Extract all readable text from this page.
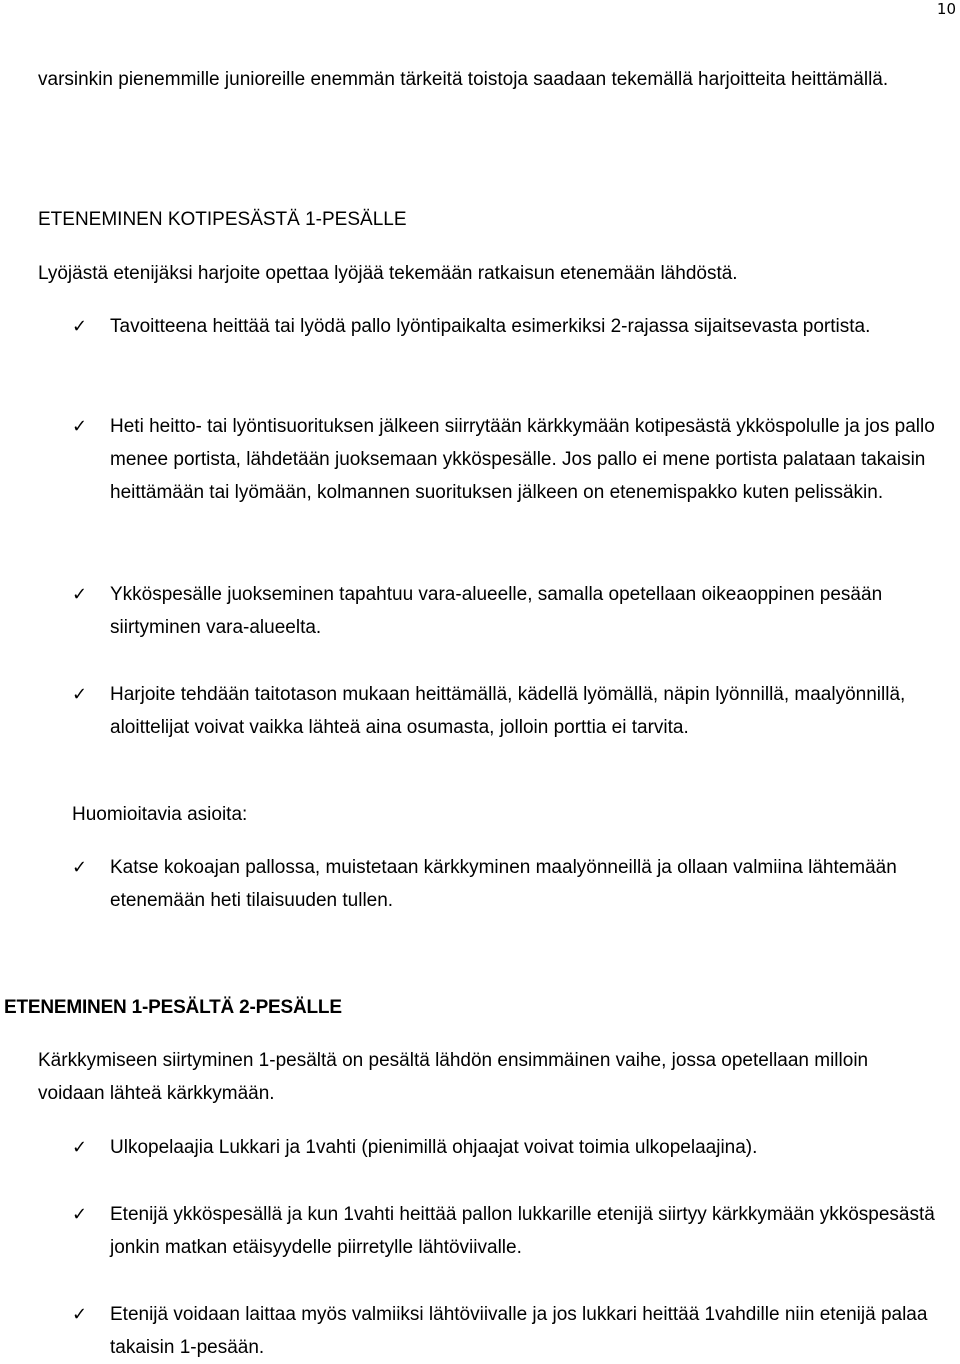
10

varsinkin pienemmille junioreille enemmän tärkeitä toistoja saadaan tekemällä harjoitteita heittämällä.

ETENEMINEN KOTIPESÄSTÄ 1-PESÄLLE

Lyöjästä etenijäksi harjoite opettaa lyöjää tekemään ratkaisun etenemään lähdöstä.

✓ Tavoitteena heittää tai lyödä pallo lyöntipaikalta esimerkiksi 2-rajassa sijaitsevasta portista.

✓ Heti heitto- tai lyöntisuorituksen jälkeen siirrytään kärkkymään kotipesästä ykköspolulle ja jos pallo menee portista, lähdetään juoksemaan ykköspesälle. Jos pallo ei mene portista palataan takaisin heittämään tai lyömään, kolmannen suorituksen jälkeen on etenemispakko kuten pelissäkin.

✓ Ykköspesälle juokseminen tapahtuu vara-alueelle, samalla opetellaan oikeaoppinen pesään siirtyminen vara-alueelta.

✓ Harjoite tehdään taitotason mukaan heittämällä, kädellä lyömällä, näpin lyönnillä, maalyönnillä, aloittelijat voivat vaikka lähteä aina osumasta, jolloin porttia ei tarvita.

Huomioitavia asioita:

✓ Katse kokoajan pallossa, muistetaan kärkkyminen maalyönneillä ja ollaan valmiina lähtemään etenemään heti tilaisuuden tullen.

ETENEMINEN 1-PESÄLTÄ 2-PESÄLLE

Kärkkymiseen siirtyminen 1-pesältä on pesältä lähdön ensimmäinen vaihe, jossa opetellaan milloin voidaan lähteä kärkkymään.

✓ Ulkopelaajia Lukkari ja 1vahti (pienimillä ohjaajat voivat toimia ulkopelaajina).

✓ Etenijä ykköspesällä ja kun 1vahti heittää pallon lukkarille etenijä siirtyy kärkkymään ykköspesästä jonkin matkan etäisyydelle piirretylle lähtöviivalle.

✓ Etenijä voidaan laittaa myös valmiiksi lähtöviivalle ja jos lukkari heittää 1vahdille niin etenijä palaa takaisin 1-pesään.
